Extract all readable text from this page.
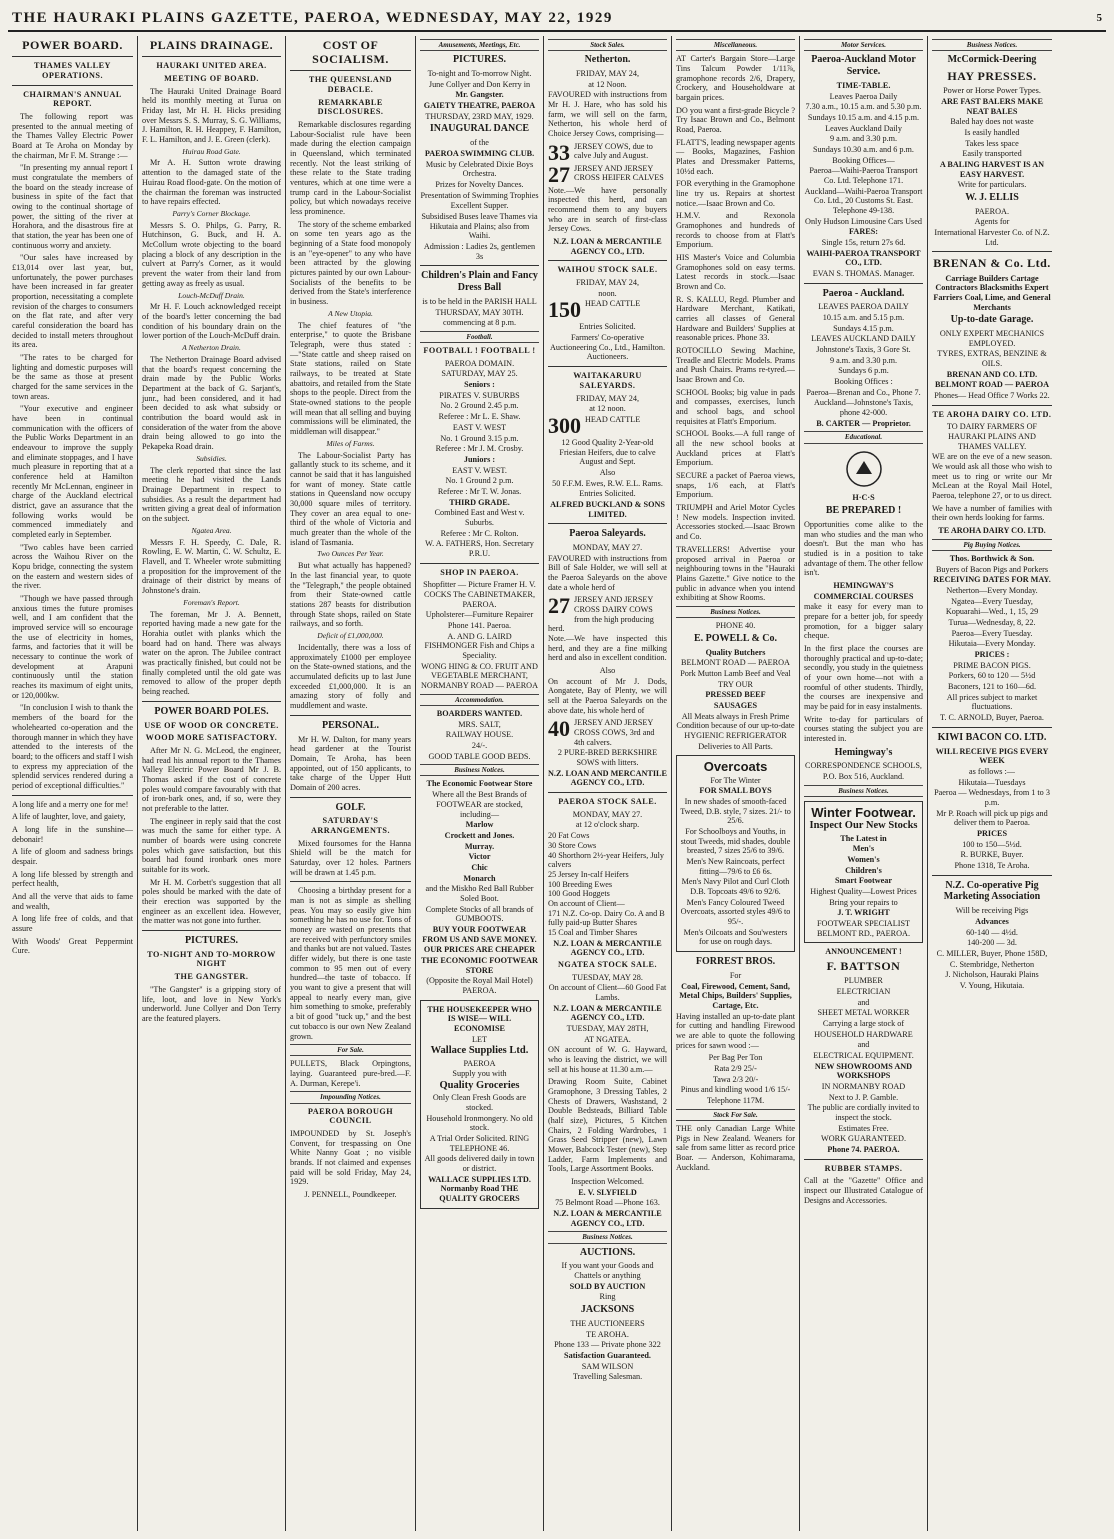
THE HAURAKI PLAINS GAZETTE, PAEROA, WEDNESDAY, MAY 22, 1929	5
POWER BOARD.
THAMES VALLEY OPERATIONS.
CHAIRMAN'S ANNUAL REPORT.

The following report was presented to the annual meeting of the Thames Valley Electric Power Board at Te Aroha on Monday by the chairman, Mr F. M. Strange :—

"In presenting my annual report I must congratulate the members of the board on the steady increase of business in spite of the fact that owing to the continual shortage of power, the sitting of the river at Horahora, and the disastrous fire at that station, the year has been one of continuous worry and anxiety.

"Our sales have increased by £13,014 over last year, but, unfortunately, the power purchases have been increased in far greater proportion, necessitating a complete revision of the charges to consumers on the flat rate, and after very careful consideration the board has decided to install meters throughout its area.

"The rates to be charged for lighting and domestic purposes will be the same as those at present charged for the same services in the town areas.

"Your executive and engineer have been in continual communication with the officers of the Public Works Department in an endeavour to improve the supply and eliminate stoppages, and I have much pleasure in reporting that at a conference held at Hamilton recently Mr McLennan, engineer in charge of the Auckland electrical district, gave an assurance that the following works would be commenced immediately and completed early in September.

"Two cables have been carried across the Waihou River on the Kopu bridge, connecting the system on the eastern and western sides of the river.

"Though we have passed through anxious times the future promises well, and I am confident that the improved service will so encourage the use of electricity in homes, farms, and factories that it will be necessary to continue the work of development at Arapuni continuously until the station reaches its maximum of eight units, or 120,000kw.

"In conclusion I wish to thank the members of the board for the wholehearted co-operation and the thorough manner in which they have attended to the interests of the board; to the officers and staff I wish to express my appreciation of the splendid services rendered during a period of exceptional difficulties."

A long life and a merry one for me!

A life of laughter, love, and gaiety,

A long life in the sunshine—debonair!

A life of gloom and sadness brings despair.

A long life blessed by strength and perfect health,

And all the verve that aids to fame and wealth,

A long life free of colds, and that assure

With Woods' Great Peppermint Cure.

PLAINS DRAINAGE.
HAURAKI UNITED AREA.
MEETING OF BOARD.

The Hauraki United Drainage Board held its monthly meeting at Turua on Friday last, Mr H. H. Hicks presiding over Messrs S. S. Murray, S. G. Williams, J. Hamilton, R. H. Heappey, F. Hamilton, F. L. Hamilton, and J. E. Green (clerk).

Huirau Road Gate.

Mr A. H. Sutton wrote drawing attention to the damaged state of the Huirau Road flood-gate. On the motion of the chairman the foreman was instructed to have repairs effected.

Parry's Corner Blockage.

Messrs S. O. Philps, G. Parry, R. Hutchinson, G. Buck, and H. A. McCollum wrote objecting to the board placing a block of any description in the culvert at Parry's Corner, as it would prevent the water from their land from getting away as freely as usual.

Louch-McDuff Drain.

Mr H. F. Louch acknowledged receipt of the board's letter concerning the bad condition of his boundary drain on the lower portion of the Louch-McDuff drain.

A Netherton Drain.

The Netherton Drainage Board advised that the board's request concerning the drain made by the Public Works Department at the back of G. Sarjant's, junr., had been considered, and it had been decided to ask what subsidy or contribution the board would ask in consideration of the water from the above drain being allowed to go into the Pekapeka Road drain.

Subsidies.

The clerk reported that since the last meeting he had visited the Lands Drainage Department in respect to subsidies. As a result the department had written giving a great deal of information on the subject.

Ngatea Area.

Messrs F. H. Speedy, C. Dale, R. Rowling, E. W. Martin, C. W. Schultz, E. Flavell, and T. Wheeler wrote submitting a proposition for the improvement of the drainage of their district by means of Johnstone's drain.

Foreman's Report.

The foreman, Mr J. A. Bennett, reported having made a new gate for the Horahia outlet with planks which the board had on hand. There was always water on the apron. The Jubilee contract was practically finished, but could not be finally completed until the old gate was removed to allow of the proper depth being reached.

POWER BOARD POLES.
USE OF WOOD OR CONCRETE.
WOOD MORE SATISFACTORY.

After Mr N. G. McLeod, the engineer, had read his annual report to the Thames Valley Electric Power Board Mr J. B. Thomas asked if the cost of concrete poles would compare favourably with that of iron-bark ones, and, if so, were they not preferable to the latter.

The engineer in reply said that the cost was much the same for either type. A number of boards were using concrete poles which gave satisfaction, but this board had found ironbark ones more suitable for its work.

Mr H. M. Corbett's suggestion that all poles should be marked with the date of their erection was supported by the engineer as an excellent idea. However, the matter was not gone into further.

PICTURES.
TO-NIGHT AND TO-MORROW NIGHT
THE GANGSTER.

"The Gangster" is a gripping story of life, loot, and love in New York's underworld. June Collyer and Don Terry are the featured players.

COST OF SOCIALISM.
THE QUEENSLAND DEBACLE.
REMARKABLE DISCLOSURES.

Remarkable disclosures regarding Labour-Socialist rule have been made during the election campaign in Queensland, which terminated recently. Not the least striking of these relate to the State trading ventures, which at one time were a trump card in the Labour-Socialist policy, but which nowadays receive less prominence.

The story of the scheme embarked on some ten years ago as the beginning of a State food monopoly is an "eye-opener" to any who have been attracted by the glowing pictures painted by our own Labour-Socialists of the benefits to be derived from the State's interference in business.

A New Utopia.

The chief features of "the enterprise," to quote the Brisbane Telegraph, were thus stated :—"State cattle and sheep raised on State stations, railed on State railways, to be treated at State abattoirs, and retailed from the State shops to the people. Direct from the State-owned stations to the people will mean that all selling and buying commissions will be eliminated, the middleman will disappear."

Miles of Farms.

The Labour-Socialist Party has gallantly stuck to its scheme, and it cannot be said that it has languished for want of money. State cattle stations in Queensland now occupy 30,000 square miles of territory. They cover an area equal to one-third of the whole of Victoria and much greater than the whole of the island of Tasmania.

Two Ounces Per Year.

But what actually has happened? In the last financial year, to quote the "Telegraph," the people obtained from their State-owned cattle stations 287 beasts for distribution through State shops, railed on State railways, and so forth.

Deficit of £1,000,000.

Incidentally, there was a loss of approximately £1000 per employee on the State-owned stations, and the accumulated deficits up to last June exceeded £1,000,000. It is an amazing story of folly and muddlement and waste.

PERSONAL.

Mr H. W. Dalton, for many years head gardener at the Tourist Domain, Te Aroha, has been appointed, out of 150 applicants, to take charge of the Upper Hutt Domain of 200 acres.

GOLF.
SATURDAY'S ARRANGEMENTS.

Mixed foursomes for the Hanna Shield will be the match for Saturday, over 12 holes. Partners will be drawn at 1.45 p.m.

Choosing a birthday present for a man is not as simple as shelling peas. You may so easily give him something he has no use for. Tons of money are wasted on presents that are received with perfunctory smiles and thanks but are not valued. Tastes differ widely, but there is one taste common to 95 men out of every hundred—the taste of tobacco. If you want to give a present that will appeal to nearly every man, give him something to smoke, preferably a bit of good "tuck up," and the best cut tobacco is our own New Zealand grown.

For Sale.

PULLETS, Black Orpingtons, laying. Guaranteed pure-bred.—F. A. Durman, Kerepe'i.

Impounding Notices.
PAEROA BOROUGH COUNCIL

IMPOUNDED by St. Joseph's Convent, for trespassing on One White Nanny Goat ; no visible brands. If not claimed and expenses paid will be sold Friday, May 24, 1929.

J. PENNELL, Poundkeeper.
Amusements, Meetings, Etc.
PICTURES.
To-night and To-morrow Night.
June Collyer and Don Kerry in
Mr. Gangster.
GAIETY THEATRE, PAEROA
THURSDAY, 23RD MAY, 1929.
INAUGURAL DANCE
of the
PAEROA SWIMMING CLUB.
Music by Celebrated Dixie Boys Orchestra.
Prizes for Novelty Dances.
Presentation of Swimming Trophies
Excellent Supper.
Subsidised Buses leave Thames via Hikutaia and Plains; also from Waihi.
Admission : Ladies 2s, gentlemen 3s
Children's Plain and Fancy Dress Ball
is to be held in the PARISH HALL
THURSDAY, MAY 30TH.
commencing at 8 p.m.
Football.
FOOTBALL ! FOOTBALL !
PAEROA DOMAIN.
SATURDAY, MAY 25.
Seniors :
PIRATES V. SUBURBS
No. 2 Ground 2.45 p.m.
Referee : Mr L. E. Shaw.
EAST V. WEST
No. 1 Ground 3.15 p.m.
Referee : Mr J. M. Crosby.
Juniors :
EAST V. WEST.
No. 1 Ground 2 p.m.
Referee : Mr T. W. Jonas.
THIRD GRADE.
Combined East and West v. Suburbs.
Referee : Mr C. Rolton.
W. A. FATHERS, Hon. Secretary P.R.U.
SHOP IN PAEROA.
Shopfitter — Picture Framer H. V. COCKS The CABINETMAKER, PAEROA.
Upholsterer—Furniture Repairer
Phone 141. Paeroa.
A. AND G. LAIRD FISHMONGER Fish and Chips a Speciality.
WONG HING & CO. FRUIT AND VEGETABLE MERCHANT, NORMANBY ROAD — PAEROA
Accommodation.
BOARDERS WANTED.
MRS. SALT,
RAILWAY HOUSE.
24/-.
GOOD TABLE GOOD BEDS.
Business Notices.
The Economic Footwear Store
Where all the Best Brands of FOOTWEAR are stocked, including—
Marlow
Crockett and Jones.
Murray.
Victor
Chic
Monarch
and the Miskho Red Ball Rubber Soled Boot.
Complete Stocks of all brands of GUMBOOTS.
BUY YOUR FOOTWEAR FROM US AND SAVE MONEY.
OUR PRICES ARE CHEAPER
THE ECONOMIC FOOTWEAR STORE
(Opposite the Royal Mail Hotel) PAEROA.
THE HOUSEKEEPER WHO IS WISE— WILL ECONOMISE
LET
Wallace Supplies Ltd.
PAEROA
Supply you with
Quality Groceries
Only Clean Fresh Goods are stocked.
Household Ironmongery. No old stock.
A Trial Order Solicited. RING TELEPHONE 46.
All goods delivered daily in town or district.
WALLACE SUPPLIES LTD. Normanby Road THE QUALITY GROCERS
Stock Sales.
Netherton.
FRIDAY, MAY 24,
at 12 Noon.

FAVOURED with instructions from Mr H. J. Hare, who has sold his farm, we will sell on the farm, Netherton, his whole herd of Choice Jersey Cows, comprising—

33 JERSEY COWS, due to calve July and August.
27 JERSEY AND JERSEY CROSS HEIFER CALVES

Note.—We have personally inspected this herd, and can recommend them to any buyers who are in search of first-class Jersey Cows.

N.Z. LOAN & MERCANTILE AGENCY CO., LTD.
WAIHOU STOCK SALE.
FRIDAY, MAY 24,
noon.
150 HEAD CATTLE
Entries Solicited.
Farmers' Co-operative Auctioneering Co., Ltd., Hamilton. Auctioneers.
WAITAKARURU SALEYARDS.
FRIDAY, MAY 24,
at 12 noon.
300 HEAD CATTLE
12 Good Quality 2-Year-old Friesian Heifers, due to calve August and Sept.
Also
50 F.F.M. Ewes, R.W. E.L. Rams.
Entries Solicited.
ALFRED BUCKLAND & SONS LIMITED.
Paeroa Saleyards.
MONDAY, MAY 27.

FAVOURED with instructions from Bill of Sale Holder, we will sell at the Paeroa Saleyards on the above date a whole herd of

27 JERSEY AND JERSEY CROSS DAIRY COWS from the high producing herd.

Note.—We have inspected this herd, and they are a fine milking herd and also in excellent condition.

Also

On account of Mr J. Dods, Aongatete, Bay of Plenty, we will sell at the Paeroa Saleyards on the above date, his whole herd of

40 JERSEY AND JERSEY CROSS COWS, 3rd and 4th calvers.
2 PURE-BRED BERKSHIRE SOWS with litters.
N.Z. LOAN AND MERCANTILE AGENCY CO., LTD.
PAEROA STOCK SALE.
MONDAY, MAY 27.
at 12 o'clock sharp.
20 Fat Cows
30 Store Cows
40 Shorthorn 2½-year Heifers, July calvers
25 Jersey In-calf Heifers
100 Breeding Ewes
100 Good Hoggets
On account of Client—
171 N.Z. Co-op. Dairy Co. A and B fully paid-up Butter Shares
15 Coal and Timber Shares
N.Z. LOAN & MERCANTILE AGENCY CO., LTD.
NGATEA STOCK SALE.
TUESDAY, MAY 28.
On account of Client—60 Good Fat Lambs.
N.Z. LOAN & MERCANTILE AGENCY CO., LTD.
TUESDAY, MAY 28TH,
AT NGATEA.

ON account of W. G. Hayward, who is leaving the district, we will sell at his house at 11.30 a.m.—

Drawing Room Suite, Cabinet Gramophone, 3 Dressing Tables, 2 Chests of Drawers, Washstand, 2 Double Bedsteads, Billiard Table (half size), Pictures, 5 Kitchen Chairs, 2 Folding Wardrobes, 1 Grass Seed Stripper (new), Lawn Mower, Babcock Tester (new), Step Ladder, Farm Implements and Tools, Large Assortment Books.

Inspection Welcomed.
E. V. SLYFIELD
75 Belmont Road —Phone 163.
N.Z. LOAN & MERCANTILE AGENCY CO., LTD.
Business Notices.
AUCTIONS.
If you want your Goods and Chattels or anything
SOLD BY AUCTION
Ring
JACKSONS
THE AUCTIONEERS
TE AROHA.
Phone 133 — Private phone 322
Satisfaction Guaranteed.
SAM WILSON
Travelling Salesman.
Miscellaneous.

AT Carter's Bargain Store—Large Tins Talcum Powder 1/11⅞, gramophone records 2/6, Drapery, Crockery, and Householdware at bargain prices.

DO you want a first-grade Bicycle ? Try Isaac Brown and Co., Belmont Road, Paeroa.

FLATT'S, leading newspaper agents — Books, Magazines, Fashion Plates and Dressmaker Patterns, 10½d each.

FOR everything in the Gramophone line try us. Repairs at shortest notice.—Isaac Brown and Co.

H.M.V. and Rexonola Gramophones and hundreds of records to choose from at Flatt's Emporium.

HIS Master's Voice and Columbia Gramophones sold on easy terms. Latest records in stock.—Isaac Brown and Co.

R. S. KALLU, Regd. Plumber and Hardware Merchant, Katikati, carries all classes of General Hardware and Builders' Supplies at reasonable prices. Phone 33.

ROTOCILLO Sewing Machine, Treadle and Electric Models. Prams and Push Chairs. Prams re-tyred.—Isaac Brown and Co.

SCHOOL Books; big value in pads and compasses, exercises, lunch and school bags, and school requisites at Flatt's Emporium.

SCHOOL Books.—A full range of all the new school books at Auckland prices at Flatt's Emporium.

SECURE a packet of Paeroa views, snaps, 1/6 each, at Flatt's Emporium.

TRIUMPH and Ariel Motor Cycles ! New models. Inspection invited. Accessories stocked.—Isaac Brown and Co.

TRAVELLERS! Advertise your proposed arrival in Paeroa or neighbouring towns in the "Hauraki Plains Gazette." Give notice to the public in advance when you intend exhibiting at Show Rooms.

Business Notices.
PHONE 40.
E. POWELL & Co.
Quality Butchers
BELMONT ROAD — PAEROA
Pork Mutton Lamb Beef and Veal
TRY OUR
PRESSED BEEF
SAUSAGES
All Meats always in Fresh Prime Condition because of our up-to-date HYGIENIC REFRIGERATOR
Deliveries to All Parts.
Overcoats
For The Winter
FOR SMALL BOYS
In new shades of smooth-faced Tweed, D.B. style, 7 sizes. 21/- to 25/6.
For Schoolboys and Youths, in stout Tweeds, mid shades, double breasted, 7 sizes 25/6 to 39/6.
Men's New Raincoats, perfect fitting—79/6 to £6 6s.
Men's Navy Pilot and Curl Cloth D.B. Topcoats 49/6 to 92/6.
Men's Fancy Coloured Tweed Overcoats, assorted styles 49/6 to 95/-.
Men's Oilcoats and Sou'westers for use on rough days.
FORREST BROS.
For
Coal, Firewood, Cement, Sand, Metal Chips, Builders' Supplies, Cartage, Etc.

Having installed an up-to-date plant for cutting and handling Firewood we are able to quote the following prices for sawn wood :—

Per Bag Per Ton
Rata 2/9 25/-
Tawa 2/3 20/-
Pinus and kindling wood 1/6 15/-
Telephone 117M.
Stock For Sale.

THE only Canadian Large White Pigs in New Zealand. Weaners for sale from same litter as record price Boar. — Anderson, Kohimarama, Auckland.

Motor Services.
Paeroa-Auckland Motor Service.
TIME-TABLE.
Leaves Paeroa Daily
7.30 a.m., 10.15 a.m. and 5.30 p.m.
Sundays 10.15 a.m. and 4.15 p.m.
Leaves Auckland Daily
9 a.m. and 3.30 p.m.
Sundays 10.30 a.m. and 6 p.m.
Booking Offices—
Paeroa—Waihi-Paeroa Transport Co. Ltd. Telephone 171.
Auckland—Waihi-Paeroa Transport Co. Ltd., 20 Customs St. East. Telephone 49-138.
Only Hudson Limousine Cars Used
FARES:
Single 15s, return 27s 6d.
WAIHI-PAEROA TRANSPORT CO., LTD.
EVAN S. THOMAS. Manager.
Paeroa - Auckland.
LEAVES PAEROA DAILY
10.15 a.m. and 5.15 p.m.
Sundays 4.15 p.m.
LEAVES AUCKLAND DAILY
Johnstone's Taxis, 3 Gore St.
9 a.m. and 3.30 p.m.
Sundays 6 p.m.
Booking Offices :
Paeroa—Brenan and Co., Phone 7.
Auckland—Johnstone's Taxis, phone 42-000.
B. CARTER — Proprietor.
Educational.
H·C·S
BE PREPARED !

Opportunities come alike to the man who studies and the man who doesn't. But the man who has studied is in a position to take advantage of them. The other fellow isn't.

HEMINGWAY'S
COMMERCIAL COURSES

make it easy for every man to prepare for a better job, for speedy promotion, for a bigger salary cheque.

In the first place the courses are thoroughly practical and up-to-date; secondly, you study in the quietness of your own home—not with a roomful of other students. Thirdly, the courses are inexpensive and may be paid for in easy instalments.

Write to-day for particulars of courses stating the subject you are interested in.

Hemingway's
CORRESPONDENCE SCHOOLS,
P.O. Box 516, Auckland.
Business Notices.
Winter Footwear.
Inspect Our New Stocks
The Latest in
Men's
Women's
Children's
Smart Footwear
Highest Quality—Lowest Prices
Bring your repairs to
J. T. WRIGHT
FOOTWEAR SPECIALIST BELMONT RD., PAEROA.
ANNOUNCEMENT !
F. BATTSON
PLUMBER
ELECTRICIAN
and
SHEET METAL WORKER
Carrying a large stock of
HOUSEHOLD HARDWARE
and
ELECTRICAL EQUIPMENT.
NEW SHOWROOMS AND WORKSHOPS
IN NORMANBY ROAD
Next to J. P. Gamble.
The public are cordially invited to inspect the stock.
Estimates Free.
WORK GUARANTEED.
Phone 74. PAEROA.
RUBBER STAMPS.

Call at the "Gazette" Office and inspect our Illustrated Catalogue of Designs and Accessories.

Business Notices.
McCormick-Deering
HAY PRESSES.
Power or Horse Power Types.
ARE FAST BALERS MAKE NEAT BALES
Baled hay does not waste
Is easily handled
Takes less space
Easily transported
A BALING HARVEST IS AN EASY HARVEST.
Write for particulars.
W. J. ELLIS
PAEROA.
Agents for
International Harvester Co. of N.Z. Ltd.
BRENAN & Co. Ltd.
Carriage Builders Cartage Contractors Blacksmiths Expert Farriers Coal, Lime, and General Merchants
Up-to-date Garage.
ONLY EXPERT MECHANICS EMPLOYED.
TYRES, EXTRAS, BENZINE & OILS.
BRENAN AND CO. LTD.
BELMONT ROAD — PAEROA
Phones— Head Office 7 Works 22.
TE AROHA DAIRY CO. LTD.
TO DAIRY FARMERS OF HAURAKI PLAINS AND THAMES VALLEY.

WE are on the eve of a new season. We would ask all those who wish to meet us to ring or write our Mr McLean at the Royal Mail Hotel, Paeroa, telephone 27, or to us direct.

We have a number of families with their own herds looking for farms.

TE AROHA DAIRY CO. LTD.
Pig Buying Notices.
Thos. Borthwick & Son.
Buyers of Bacon Pigs and Porkers
RECEIVING DATES FOR MAY.
Netherton—Every Monday.
Ngatea—Every Tuesday,
Kopuarahi—Wed., 1, 15, 29
Turua—Wednesday, 8, 22.
Paeroa—Every Tuesday.
Hikutaia—Every Monday.
PRICES :
PRIME BACON PIGS.
Porkers, 60 to 120 — 5½d
Baconers, 121 to 160—6d.
All prices subject to market fluctuations.
T. C. ARNOLD, Buyer, Paeroa.
KIWI BACON CO. LTD.
WILL RECEIVE PIGS EVERY WEEK
as follows :—
Hikutaia—Tuesdays
Paeroa — Wednesdays, from 1 to 3 p.m.
Mr P. Roach will pick up pigs and deliver them to Paeroa.
PRICES
100 to 150—5½d.
R. BURKE, Buyer.
Phone 1318, Te Aroha.
N.Z. Co-operative Pig Marketing Association
Will be receiving Pigs
Advances
60-140 — 4½d.
140-200 — 3d.
C. MILLER, Buyer, Phone 158D,
C. Stembridge, Netherton
J. Nicholson, Hauraki Plains
V. Young, Hikutaia.
